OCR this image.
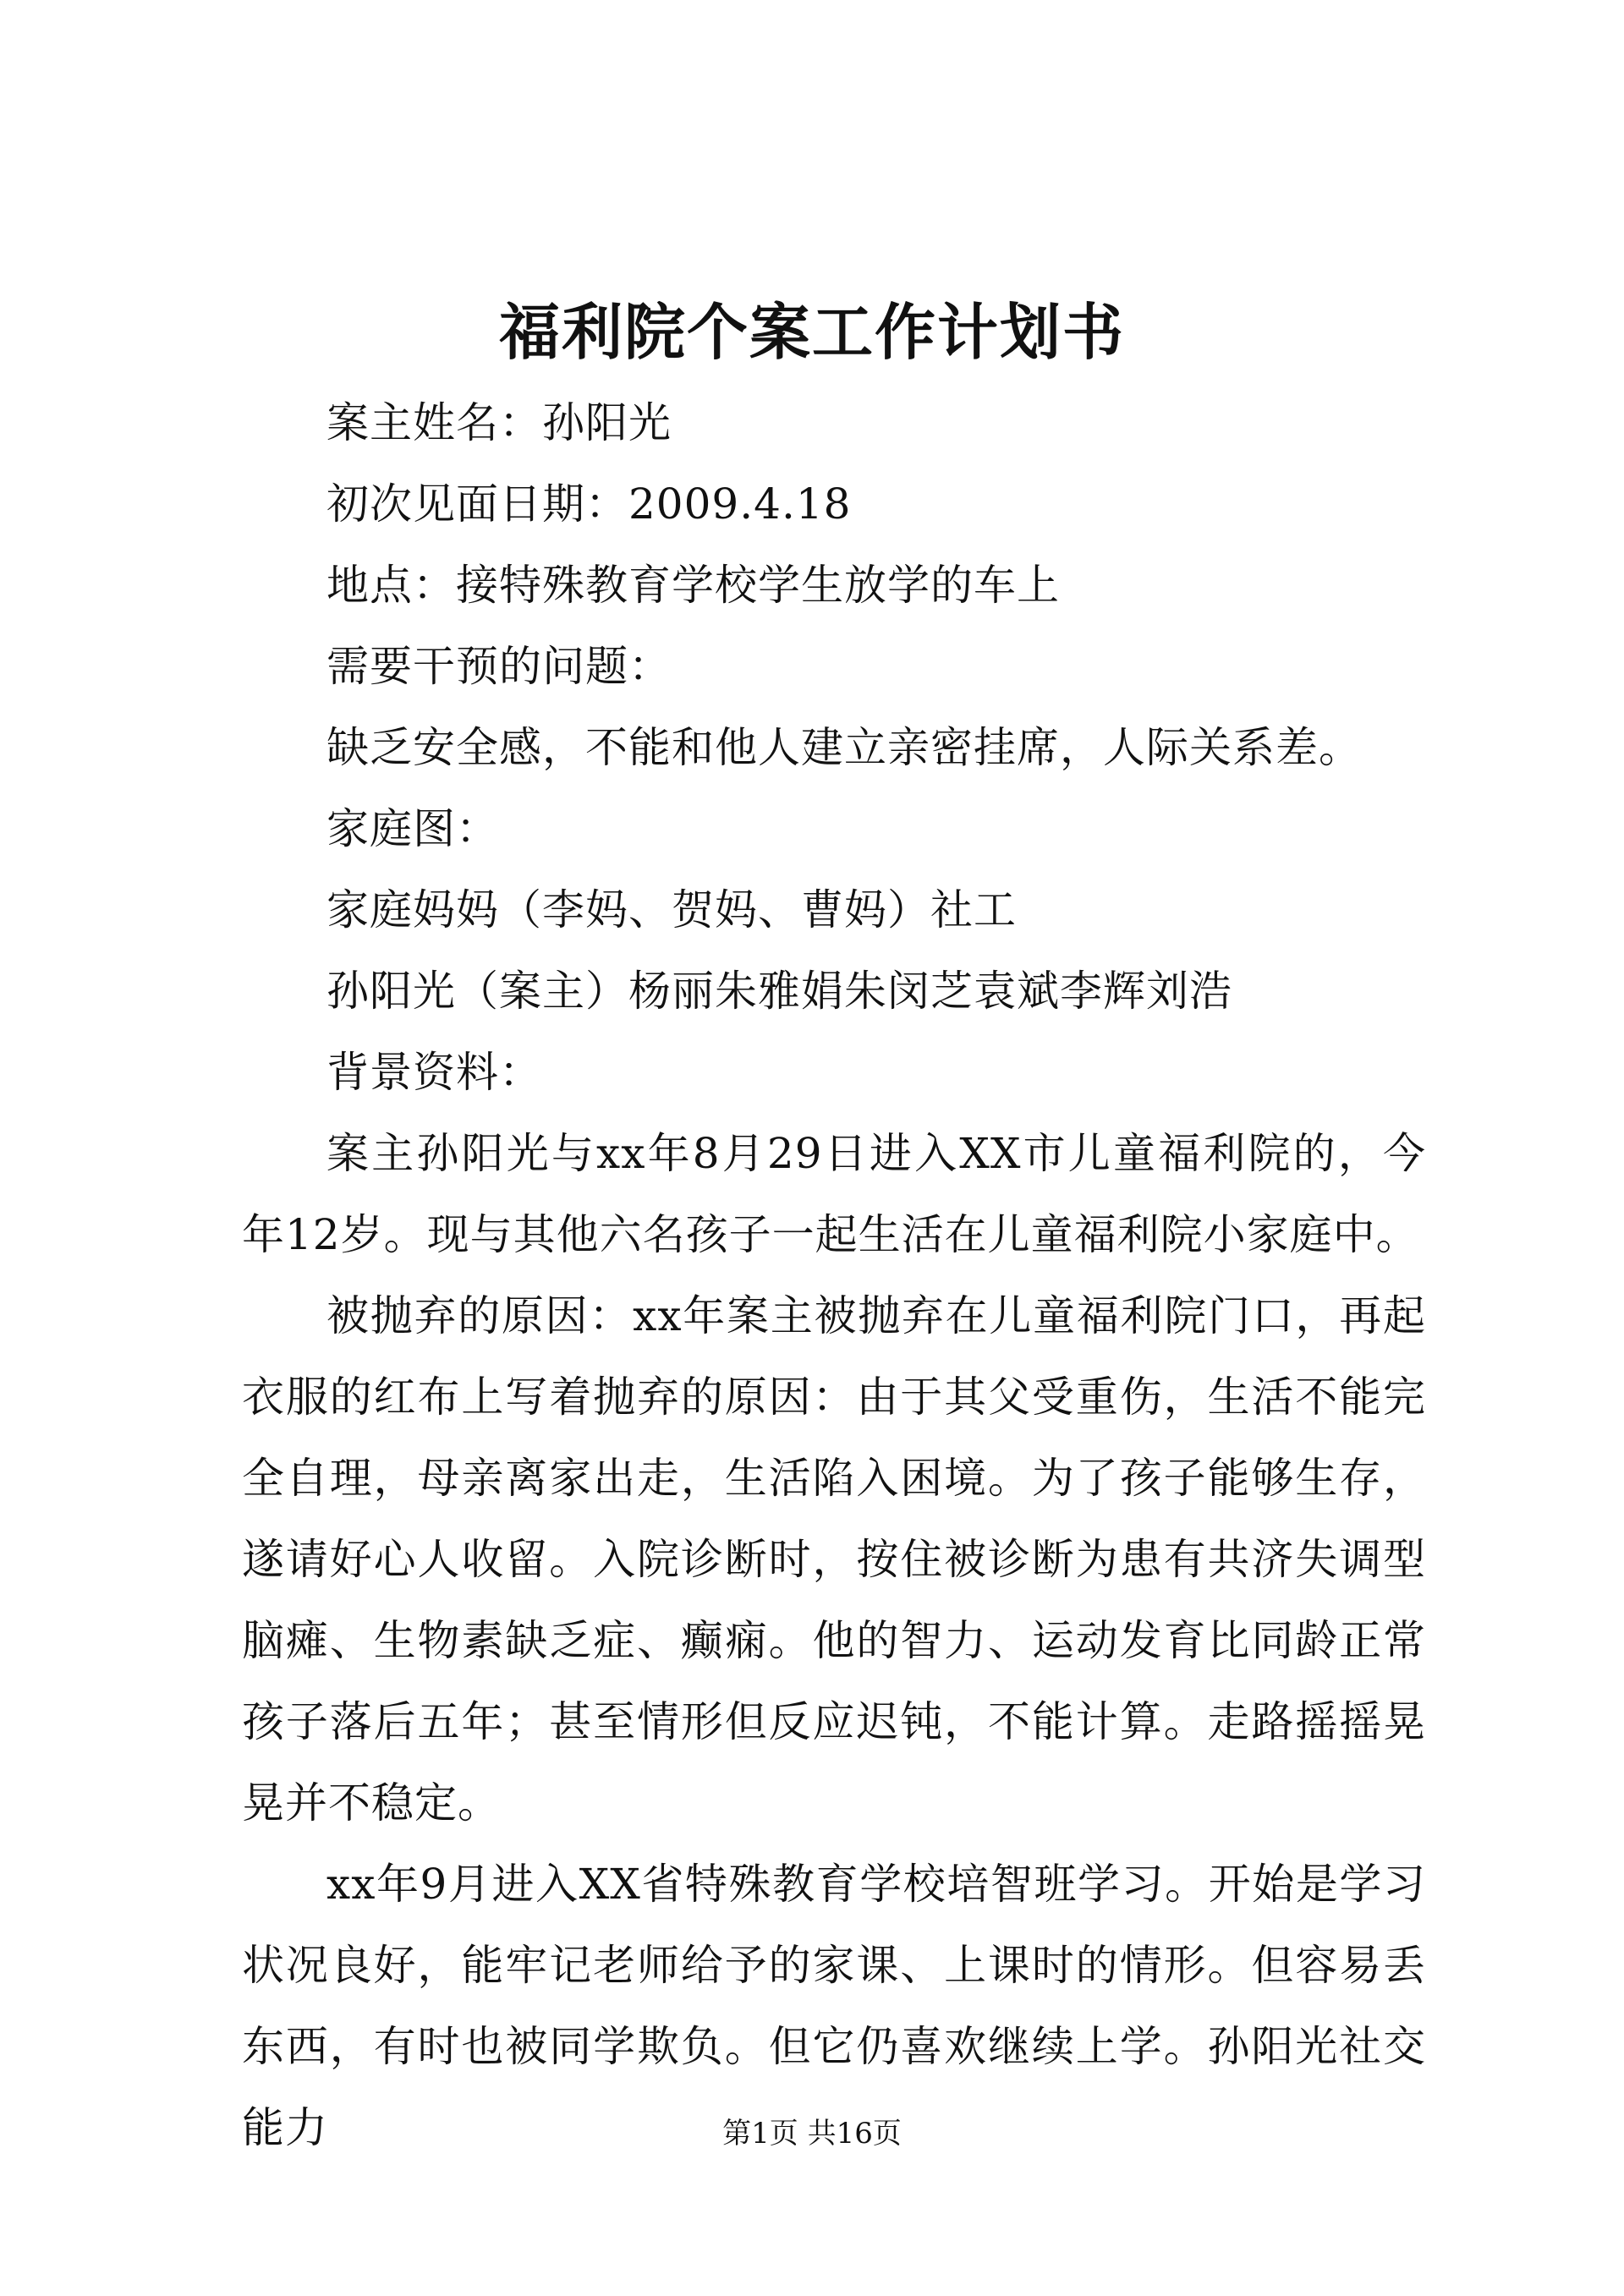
福利院个案工作计划书

案主姓名：孙阳光

初次见面日期：2009.4.18

地点：接特殊教育学校学生放学的车上

需要干预的问题：

缺乏安全感，不能和他人建立亲密挂席，人际关系差。

家庭图：

家庭妈妈（李妈、贺妈、曹妈）社工

孙阳光（案主）杨丽朱雅娟朱闵芝袁斌李辉刘浩

背景资料：

案主孙阳光与xx年8月29日进入XX市儿童福利院的，今年12岁。现与其他六名孩子一起生活在儿童福利院小家庭中。

被抛弃的原因：xx年案主被抛弃在儿童福利院门口，再起衣服的红布上写着抛弃的原因：由于其父受重伤，生活不能完全自理，母亲离家出走，生活陷入困境。为了孩子能够生存，遂请好心人收留。入院诊断时，按住被诊断为患有共济失调型脑瘫、生物素缺乏症、癫痫。他的智力、运动发育比同龄正常孩子落后五年；甚至情形但反应迟钝，不能计算。走路摇摇晃晃并不稳定。

xx年9月进入XX省特殊教育学校培智班学习。开始是学习状况良好，能牢记老师给予的家课、上课时的情形。但容易丢东西，有时也被同学欺负。但它仍喜欢继续上学。孙阳光社交能力	第1页 共16页
